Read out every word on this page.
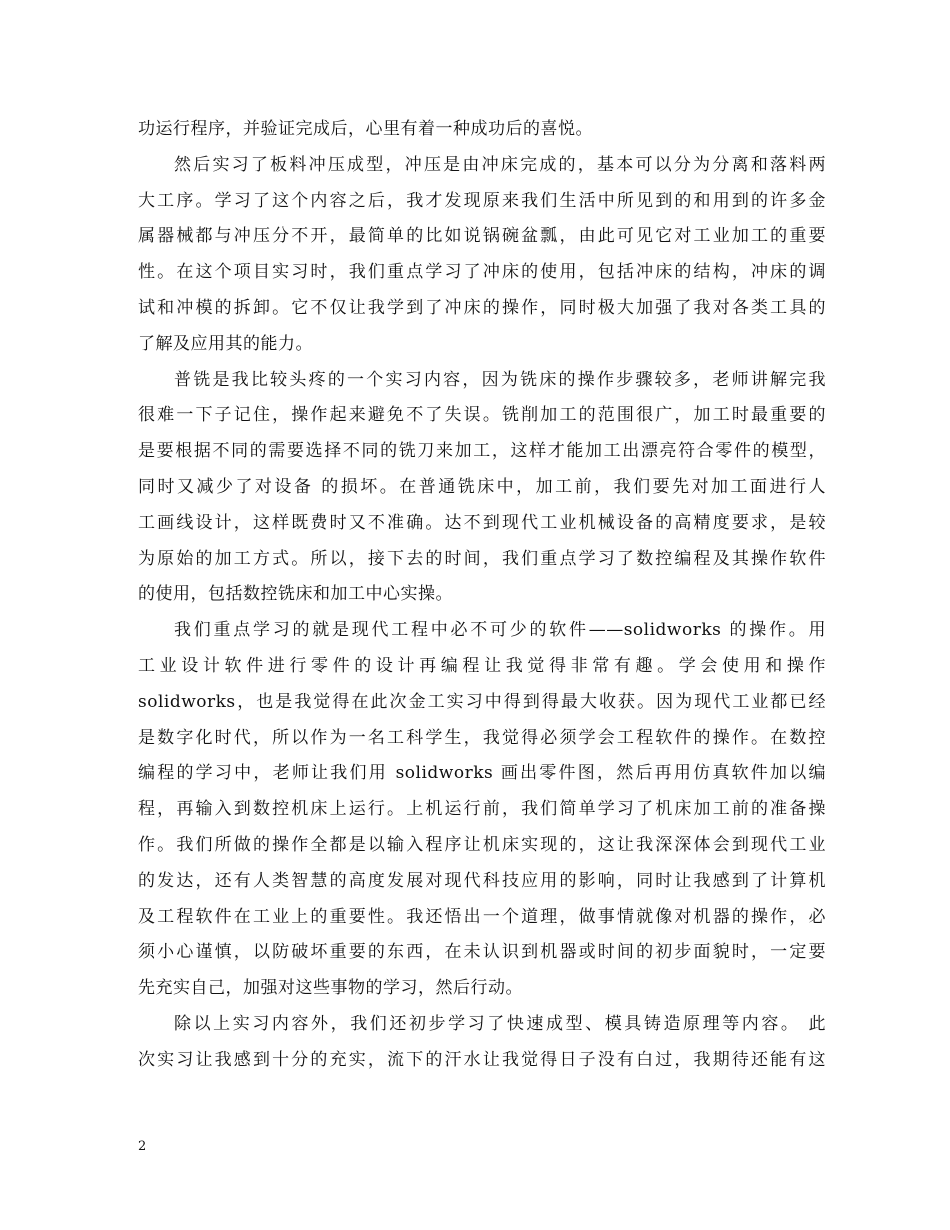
功运行程序，并验证完成后，心里有着一种成功后的喜悦。
然后实习了板料冲压成型，冲压是由冲床完成的，基本可以分为分离和落料两
大工序。学习了这个内容之后，我才发现原来我们生活中所见到的和用到的许多金
属器械都与冲压分不开，最简单的比如说锅碗盆瓢，由此可见它对工业加工的重要
性。在这个项目实习时，我们重点学习了冲床的使用，包括冲床的结构，冲床的调
试和冲模的拆卸。它不仅让我学到了冲床的操作，同时极大加强了我对各类工具的
了解及应用其的能力。
普铣是我比较头疼的一个实习内容，因为铣床的操作步骤较多，老师讲解完我
很难一下子记住，操作起来避免不了失误。铣削加工的范围很广，加工时最重要的
是要根据不同的需要选择不同的铣刀来加工，这样才能加工出漂亮符合零件的模型，
同时又减少了对设备 的损坏。在普通铣床中，加工前，我们要先对加工面进行人
工画线设计，这样既费时又不准确。达不到现代工业机械设备的高精度要求，是较
为原始的加工方式。所以，接下去的时间，我们重点学习了数控编程及其操作软件
的使用，包括数控铣床和加工中心实操。
我们重点学习的就是现代工程中必不可少的软件——solidworks 的操作。用
工业设计软件进行零件的设计再编程让我觉得非常有趣。学会使用和操作
solidworks，也是我觉得在此次金工实习中得到得最大收获。因为现代工业都已经
是数字化时代，所以作为一名工科学生，我觉得必须学会工程软件的操作。在数控
编程的学习中，老师让我们用 solidworks 画出零件图，然后再用仿真软件加以编
程，再输入到数控机床上运行。上机运行前，我们简单学习了机床加工前的准备操
作。我们所做的操作全都是以输入程序让机床实现的，这让我深深体会到现代工业
的发达，还有人类智慧的高度发展对现代科技应用的影响，同时让我感到了计算机
及工程软件在工业上的重要性。我还悟出一个道理，做事情就像对机器的操作，必
须小心谨慎，以防破坏重要的东西，在未认识到机器或时间的初步面貌时，一定要
先充实自己，加强对这些事物的学习，然后行动。
除以上实习内容外，我们还初步学习了快速成型、模具铸造原理等内容。 此
次实习让我感到十分的充实，流下的汗水让我觉得日子没有白过，我期待还能有这
2
